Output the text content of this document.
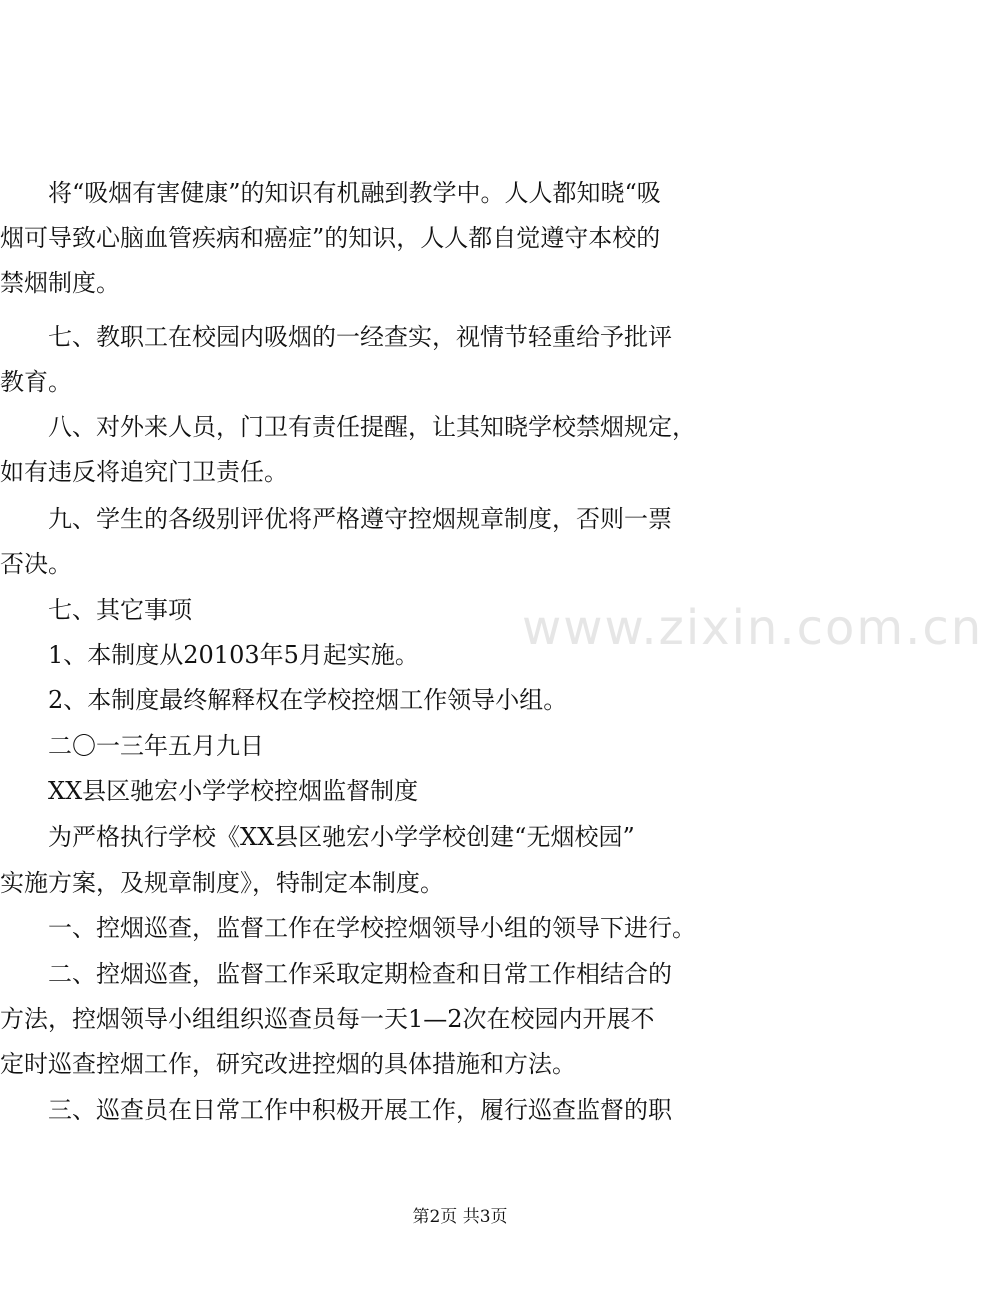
　　将“吸烟有害健康”的知识有机融到教学中。人人都知晓“吸
烟可导致心脑血管疾病和癌症”的知识，人人都自觉遵守本校的
禁烟制度。
　　七、教职工在校园内吸烟的一经查实，视情节轻重给予批评
教育。
　　八、对外来人员，门卫有责任提醒，让其知晓学校禁烟规定，
如有违反将追究门卫责任。
　　九、学生的各级别评优将严格遵守控烟规章制度，否则一票
否决。
　　七、其它事项
　　1、本制度从20103年5月起实施。
　　2、本制度最终解释权在学校控烟工作领导小组。
　　二〇一三年五月九日
　　XX县区驰宏小学学校控烟监督制度
　　为严格执行学校《XX县区驰宏小学学校创建“无烟校园”
实施方案，及规章制度》，特制定本制度。
　　一、控烟巡查，监督工作在学校控烟领导小组的领导下进行。
　　二、控烟巡查，监督工作采取定期检查和日常工作相结合的
方法，控烟领导小组组织巡查员每一天1—2次在校园内开展不
定时巡查控烟工作，研究改进控烟的具体措施和方法。
　　三、巡查员在日常工作中积极开展工作，履行巡查监督的职
www.zixin.com.cn
第2页 共3页
